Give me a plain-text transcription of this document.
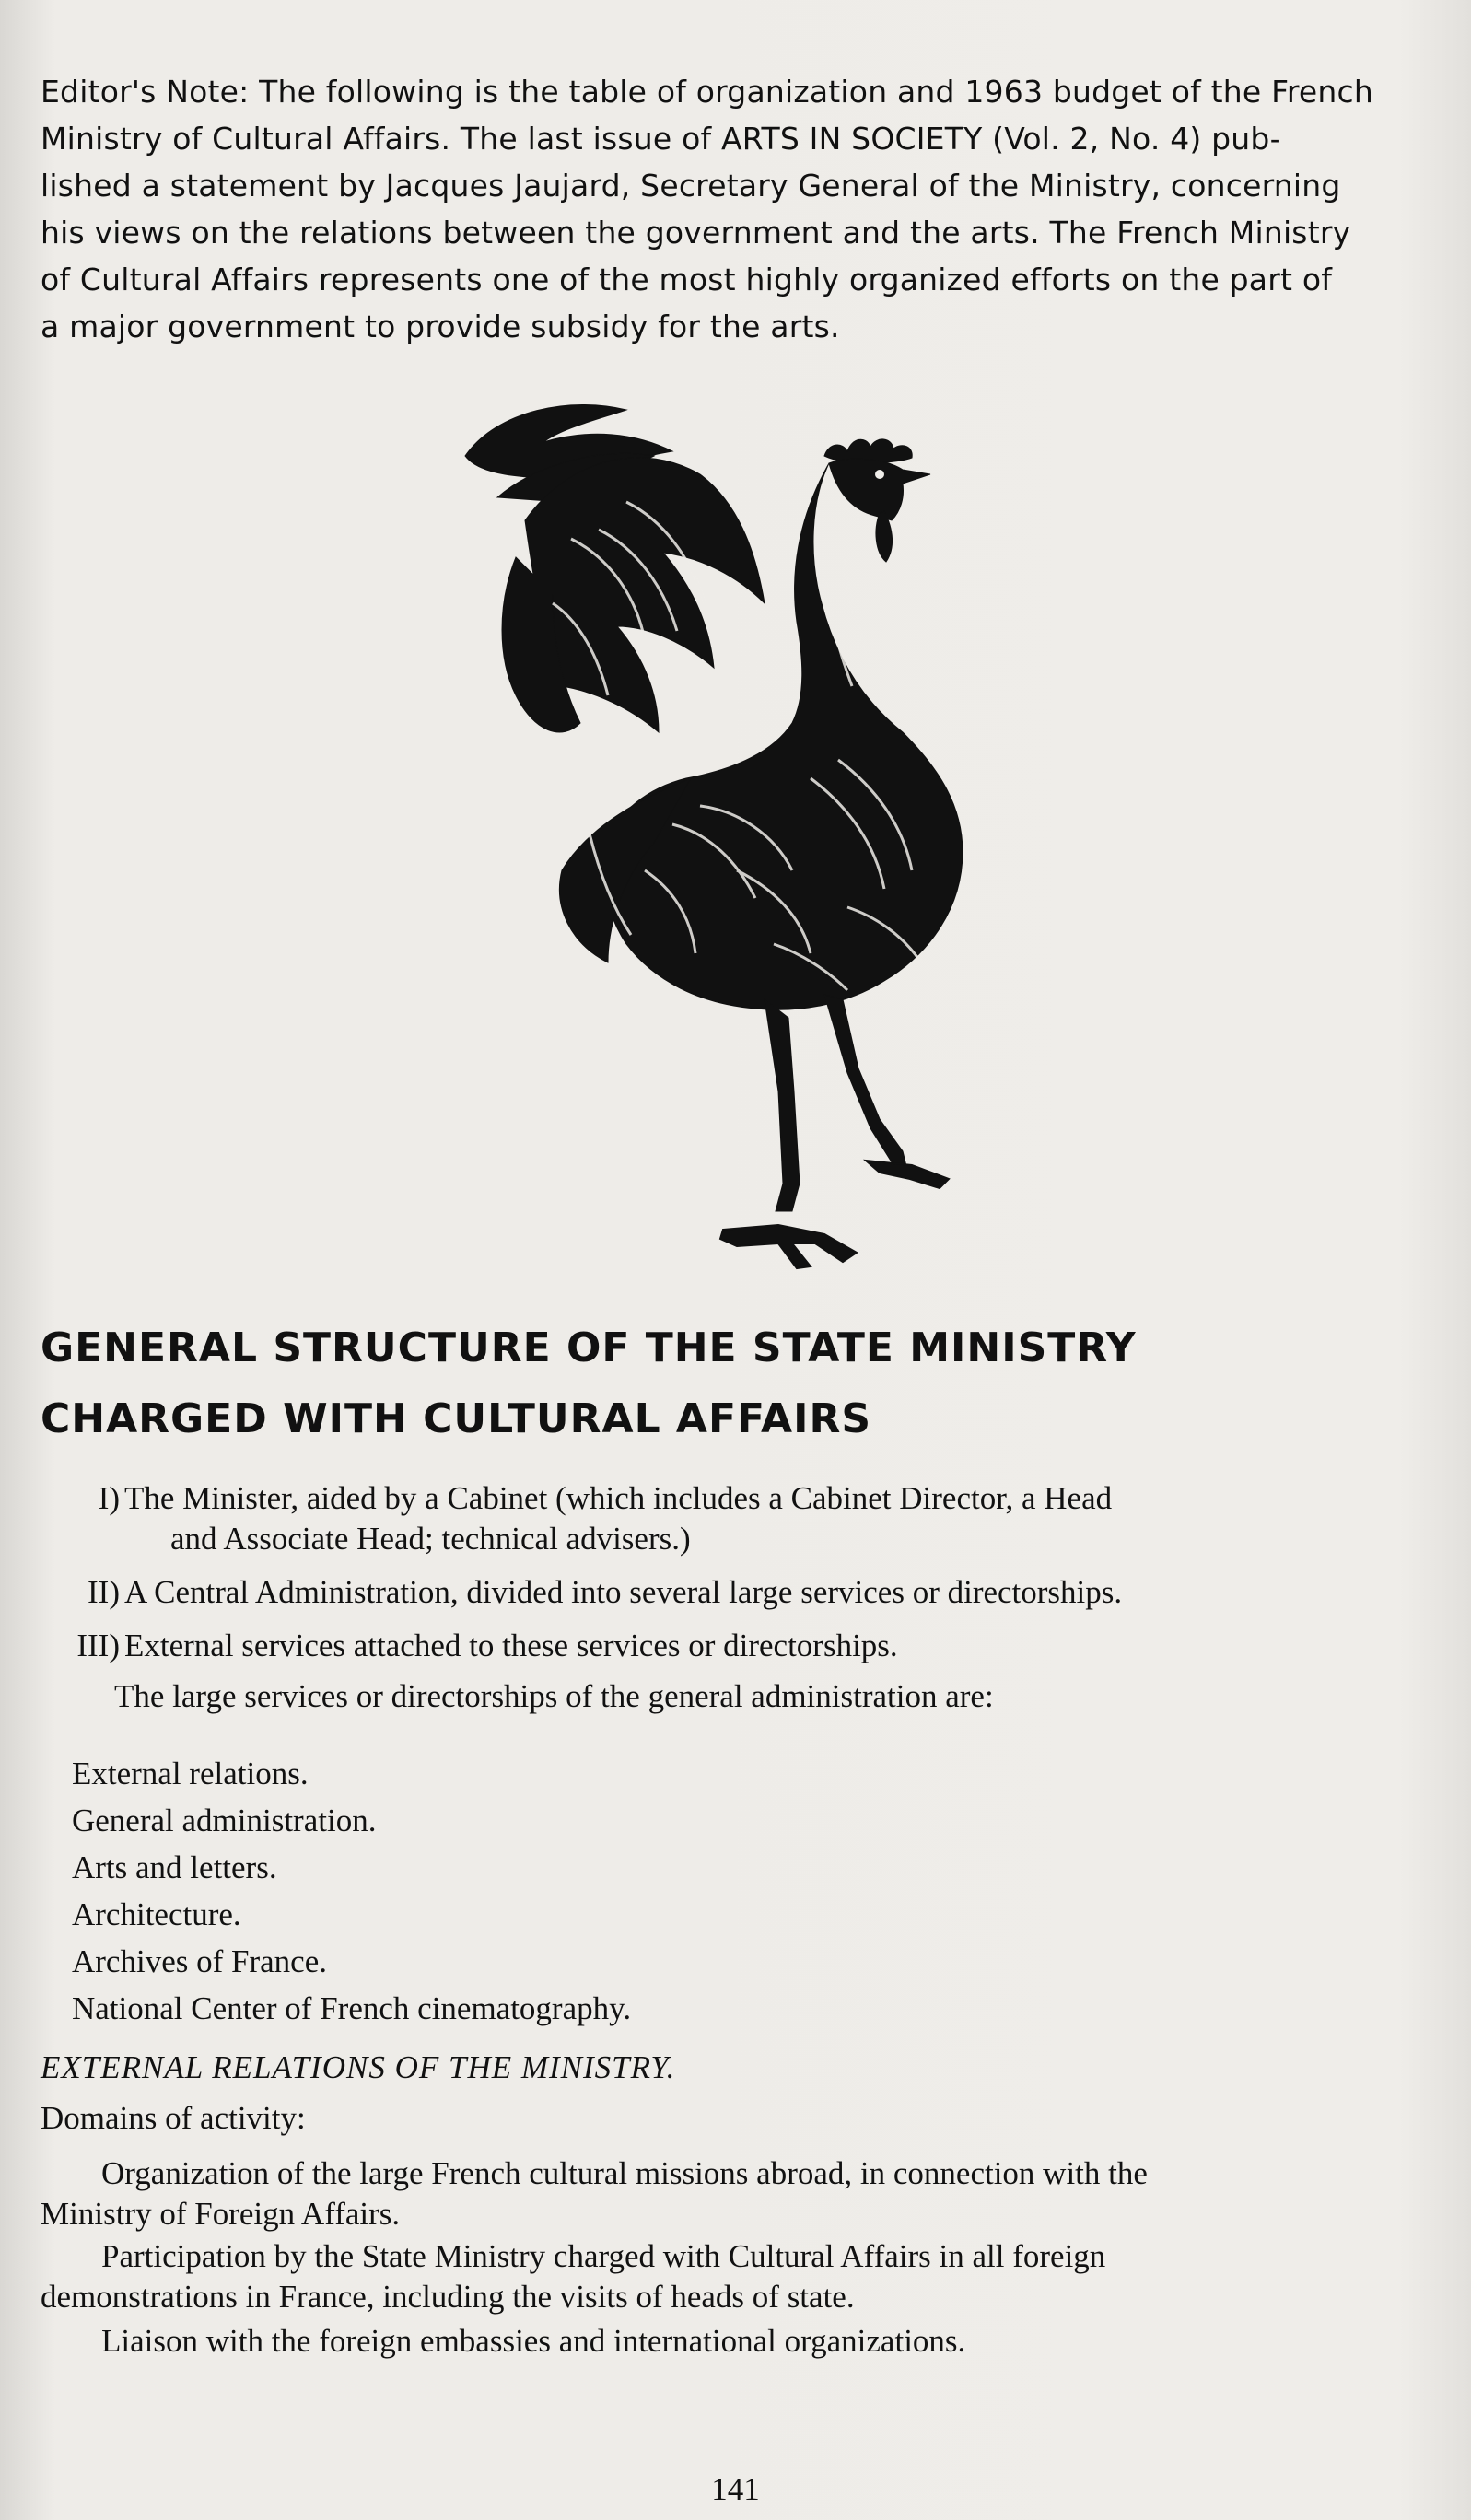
Editor's Note: The following is the table of organization and 1963 budget of the French
Ministry of Cultural Affairs. The last issue of ARTS IN SOCIETY (Vol. 2, No. 4) pub-
lished a statement by Jacques Jaujard, Secretary General of the Ministry, concerning
his views on the relations between the government and the arts. The French Ministry
of Cultural Affairs represents one of the most highly organized efforts on the part of
a major government to provide subsidy for the arts.
GENERAL STRUCTURE OF THE STATE MINISTRY
CHARGED WITH CULTURAL AFFAIRS
I) The Minister, aided by a Cabinet (which includes a Cabinet Director, a Head
and Associate Head; technical advisers.)
II) A Central Administration, divided into several large services or directorships.
III) External services attached to these services or directorships.
The large services or directorships of the general administration are:
External relations.
General administration.
Arts and letters.
Architecture.
Archives of France.
National Center of French cinematography.
EXTERNAL RELATIONS OF THE MINISTRY.
Domains of activity:
Organization of the large French cultural missions abroad, in connection with the
Ministry of Foreign Affairs.
Participation by the State Ministry charged with Cultural Affairs in all foreign
demonstrations in France, including the visits of heads of state.
Liaison with the foreign embassies and international organizations.
141
